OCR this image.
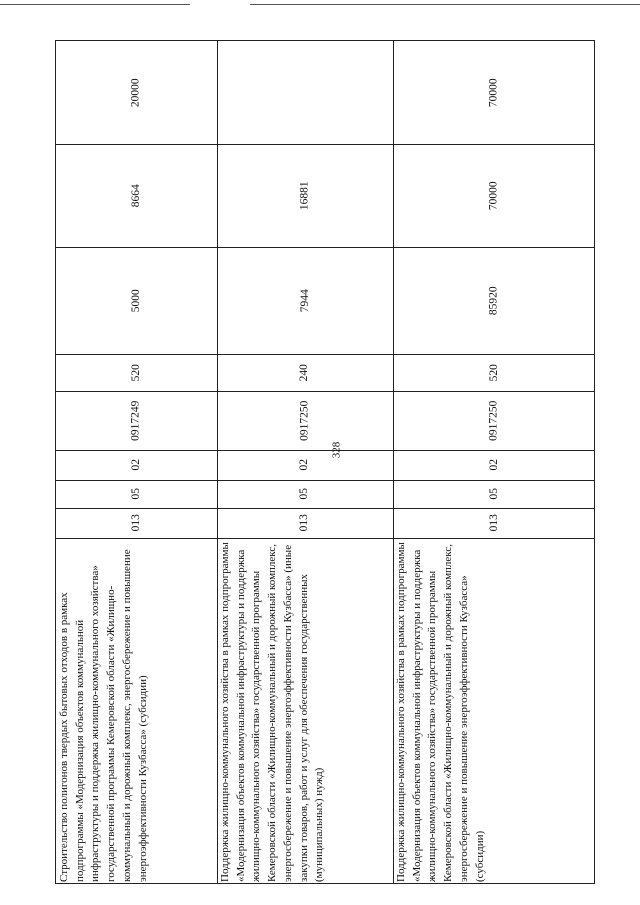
328
Строительство полигонов твердых бытовых отходов в рамках подпрограммы «Модернизация объектов коммунальной инфраструктуры и поддержка жилищно-коммунального хозяйства» государственной программы Кемеровской области «Жилищно-коммунальный и дорожный комплекс, энергосбережение и повышение энергоэффективности Кузбасса» (субсидии)
013
05
02
0917249
520
5000
8664
Поддержка жилищно-коммунального хозяйства в рамках подпрограммы «Модернизация объектов коммунальной инфраструктуры и поддержка жилищно-коммунального хозяйства» государственной программы Кемеровской области «Жилищно-коммунальный и дорожный комплекс, энергосбережение и повышение энергоэффективности Кузбасса» (иные закупки товаров, работ и услуг для обеспечения государственных (муниципальных) нужд)
013
05
02
0917250
240
7944
16881
Поддержка жилищно-коммунального хозяйства в рамках подпрограммы «Модернизация объектов коммунальной инфраструктуры и поддержка жилищно-коммунального хозяйства» государственной программы Кемеровской области «Жилищно-коммунальный и дорожный комплекс, энергосбережение и повышение энергоэффективности Кузбасса» (субсидии)
013
05
02
0917250
520
85920
70000
20000	70000
